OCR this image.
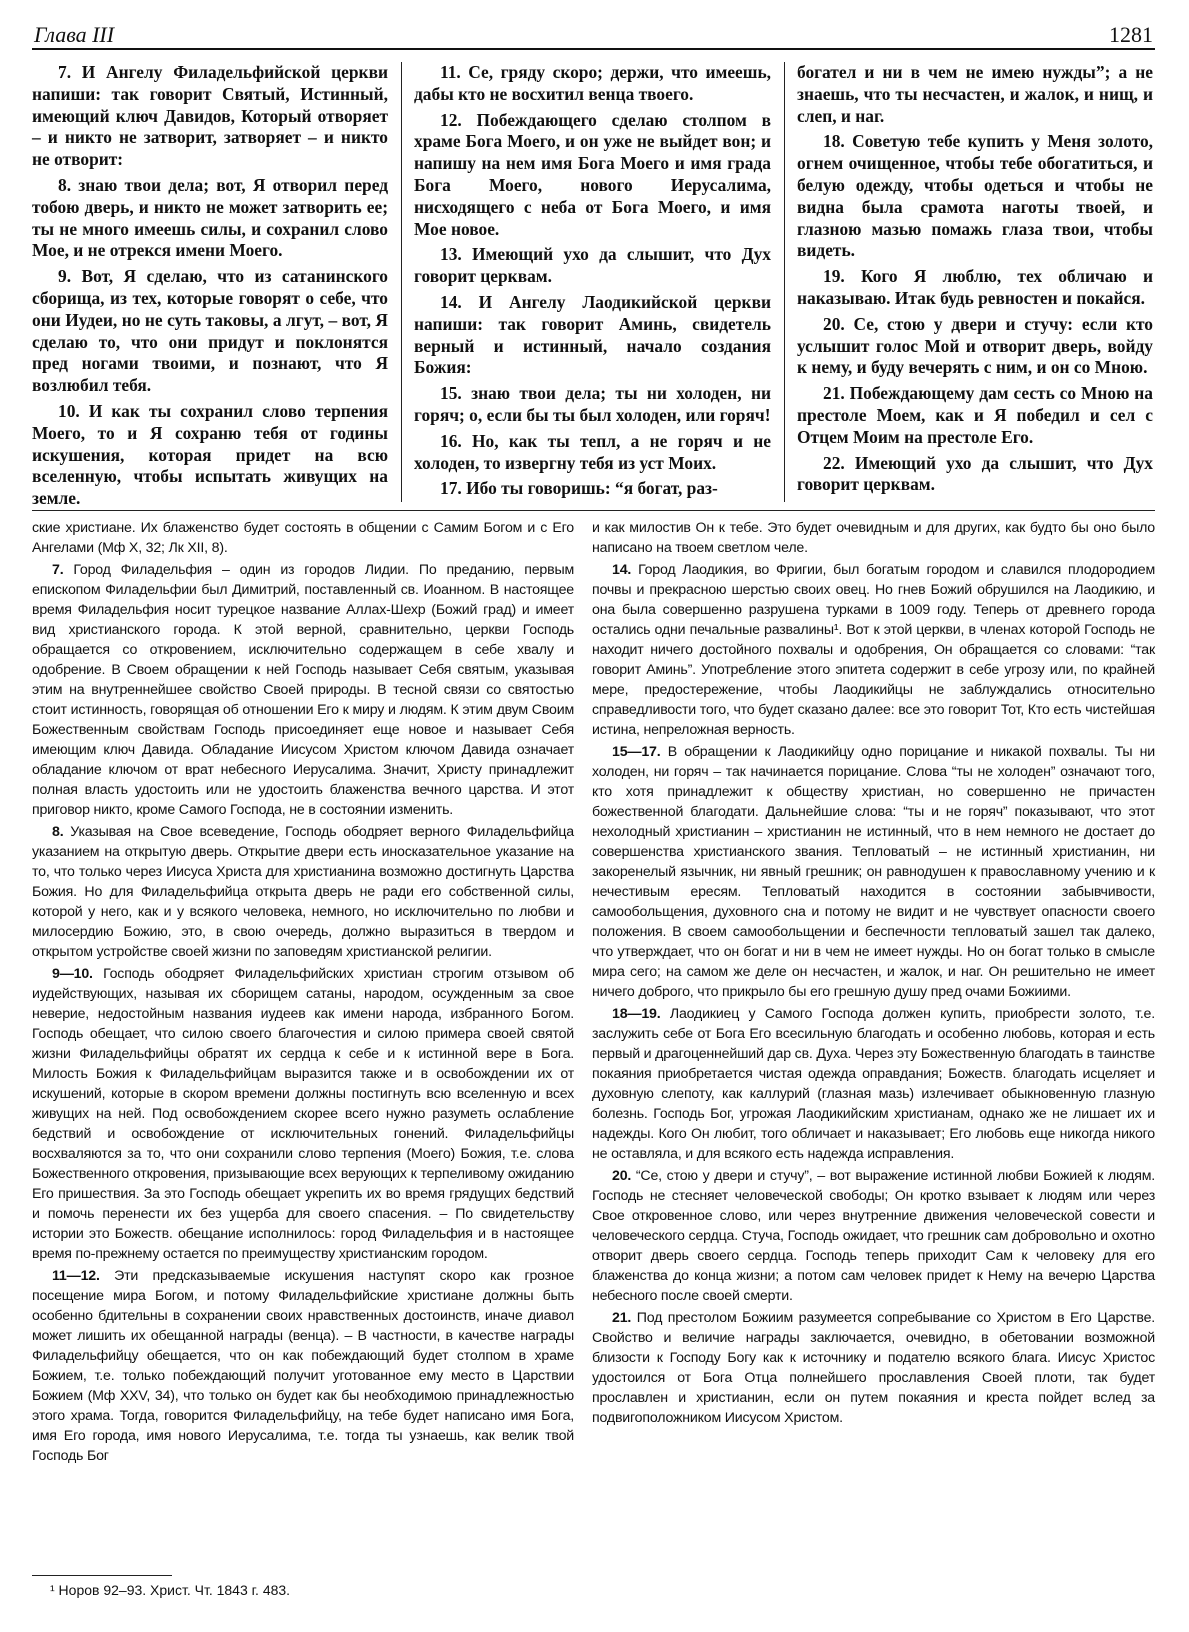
Глава III	1281

7. И Ангелу Филадельфийской церкви напиши: так говорит Святый, Истинный, имеющий ключ Давидов, Который отворяет – и никто не затворит, затворяет – и никто не отворит:

8. знаю твои дела; вот, Я отворил перед тобою дверь, и никто не может затворить ее; ты не много имеешь силы, и сохранил слово Мое, и не отрекся имени Моего.

9. Вот, Я сделаю, что из сатанинского сборища, из тех, которые говорят о себе, что они Иудеи, но не суть таковы, а лгут, – вот, Я сделаю то, что они придут и поклонятся пред ногами твоими, и познают, что Я возлюбил тебя.

10. И как ты сохранил слово терпения Моего, то и Я сохраню тебя от годины искушения, которая придет на всю вселенную, чтобы испытать живущих на земле.

11. Се, гряду скоро; держи, что имеешь, дабы кто не восхитил венца твоего.

12. Побеждающего сделаю столпом в храме Бога Моего, и он уже не выйдет вон; и напишу на нем имя Бога Моего и имя града Бога Моего, нового Иерусалима, нисходящего с неба от Бога Моего, и имя Мое новое.

13. Имеющий ухо да слышит, что Дух говорит церквам.

14. И Ангелу Лаодикийской церкви напиши: так говорит Аминь, свидетель верный и истинный, начало создания Божия:

15. знаю твои дела; ты ни холоден, ни горяч; о, если бы ты был холоден, или горяч!

16. Но, как ты тепл, а не горяч и не холоден, то извергну тебя из уст Моих.

17. Ибо ты говоришь: “я богат, раз-

богател и ни в чем не имею нужды”; а не знаешь, что ты несчастен, и жалок, и нищ, и слеп, и наг.

18. Советую тебе купить у Меня золото, огнем очищенное, чтобы тебе обогатиться, и белую одежду, чтобы одеться и чтобы не видна была срамота наготы твоей, и глазною мазью помажь глаза твои, чтобы видеть.

19. Кого Я люблю, тех обличаю и наказываю. Итак будь ревностен и покайся.

20. Се, стою у двери и стучу: если кто услышит голос Мой и отворит дверь, войду к нему, и буду вечерять с ним, и он со Мною.

21. Побеждающему дам сесть со Мною на престоле Моем, как и Я победил и сел с Отцем Моим на престоле Его.

22. Имеющий ухо да слышит, что Дух говорит церквам.

ские христиане. Их блаженство будет состоять в общении с Самим Богом и с Его Ангелами (Мф X, 32; Лк XII, 8).

7. Город Филадельфия – один из городов Лидии. По преданию, первым епископом Филадельфии был Димитрий, поставленный св. Иоанном. В настоящее время Филадельфия носит турецкое название Аллах-Шехр (Божий град) и имеет вид христианского города. К этой верной, сравнительно, церкви Господь обращается со откровением, исключительно содержащем в себе хвалу и одобрение. В Своем обращении к ней Господь называет Себя святым, указывая этим на внутреннейшее свойство Своей природы. В тесной связи со святостью стоит истинность, говорящая об отношении Его к миру и людям. К этим двум Своим Божественным свойствам Господь присоединяет еще новое и называет Себя имеющим ключ Давида. Обладание Иисусом Христом ключом Давида означает обладание ключом от врат небесного Иерусалима. Значит, Христу принадлежит полная власть удостоить или не удостоить блаженства вечного царства. И этот приговор никто, кроме Самого Господа, не в состоянии изменить.

8. Указывая на Свое всеведение, Господь ободряет верного Филадельфийца указанием на открытую дверь. Открытие двери есть иносказательное указание на то, что только через Иисуса Христа для христианина возможно достигнуть Царства Божия. Но для Филадельфийца открыта дверь не ради его собственной силы, которой у него, как и у всякого человека, немного, но исключительно по любви и милосердию Божию, это, в свою очередь, должно выразиться в твердом и открытом устройстве своей жизни по заповедям христианской религии.

9—10. Господь ободряет Филадельфийских христиан строгим отзывом об иудействующих, называя их сборищем сатаны, народом, осужденным за свое неверие, недостойным названия иудеев как имени народа, избранного Богом. Господь обещает, что силою своего благочестия и силою примера своей святой жизни Филадельфийцы обратят их сердца к себе и к истинной вере в Бога. Милость Божия к Филадельфийцам выразится также и в освобождении их от искушений, которые в скором времени должны постигнуть всю вселенную и всех живущих на ней. Под освобождением скорее всего нужно разуметь ослабление бедствий и освобождение от исключительных гонений. Филадельфийцы восхваляются за то, что они сохранили слово терпения (Моего) Божия, т.е. слова Божественного откровения, призывающие всех верующих к терпеливому ожиданию Его пришествия. За это Господь обещает укрепить их во время грядущих бедствий и помочь перенести их без ущерба для своего спасения. – По свидетельству истории это Божеств. обещание исполнилось: город Филадельфия и в настоящее время по-прежнему остается по преимуществу христианским городом.

11—12. Эти предсказываемые искушения наступят скоро как грозное посещение мира Богом, и потому Филадельфийские христиане должны быть особенно бдительны в сохранении своих нравственных достоинств, иначе диавол может лишить их обещанной награды (венца). – В частности, в качестве награды Филадельфийцу обещается, что он как побеждающий будет столпом в храме Божием, т.е. только побеждающий получит уготованное ему место в Царствии Божием (Мф XXV, 34), что только он будет как бы необходимою принадлежностью этого храма. Тогда, говорится Филадельфийцу, на тебе будет написано имя Бога, имя Его города, имя нового Иерусалима, т.е. тогда ты узнаешь, как велик твой Господь Бог

и как милостив Он к тебе. Это будет очевидным и для других, как будто бы оно было написано на твоем светлом челе.

14. Город Лаодикия, во Фригии, был богатым городом и славился плодородием почвы и прекрасною шерстью своих овец. Но гнев Божий обрушился на Лаодикию, и она была совершенно разрушена турками в 1009 году. Теперь от древнего города остались одни печальные развалины¹. Вот к этой церкви, в членах которой Господь не находит ничего достойного похвалы и одобрения, Он обращается со словами: “так говорит Аминь”. Употребление этого эпитета содержит в себе угрозу или, по крайней мере, предостережение, чтобы Лаодикийцы не заблуждались относительно справедливости того, что будет сказано далее: все это говорит Тот, Кто есть чистейшая истина, непреложная верность.

15—17. В обращении к Лаодикийцу одно порицание и никакой похвалы. Ты ни холоден, ни горяч – так начинается порицание. Слова “ты не холоден” означают того, кто хотя принадлежит к обществу христиан, но совершенно не причастен божественной благодати. Дальнейшие слова: “ты и не горяч” показывают, что этот нехолодный христианин – христианин не истинный, что в нем немного не достает до совершенства христианского звания. Тепловатый – не истинный христианин, ни закоренелый язычник, ни явный грешник; он равнодушен к православному учению и к нечестивым ересям. Тепловатый находится в состоянии забывчивости, самообольщения, духовного сна и потому не видит и не чувствует опасности своего положения. В своем самообольщении и беспечности тепловатый зашел так далеко, что утверждает, что он богат и ни в чем не имеет нужды. Но он богат только в смысле мира сего; на самом же деле он несчастен, и жалок, и наг. Он решительно не имеет ничего доброго, что прикрыло бы его грешную душу пред очами Божиими.

18—19. Лаодикиец у Самого Господа должен купить, приобрести золото, т.е. заслужить себе от Бога Его всесильную благодать и особенно любовь, которая и есть первый и драгоценнейший дар св. Духа. Через эту Божественную благодать в таинстве покаяния приобретается чистая одежда оправдания; Божеств. благодать исцеляет и духовную слепоту, как каллурий (глазная мазь) излечивает обыкновенную глазную болезнь. Господь Бог, угрожая Лаодикийским христианам, однако же не лишает их и надежды. Кого Он любит, того обличает и наказывает; Его любовь еще никогда никого не оставляла, и для всякого есть надежда исправления.

20. “Се, стою у двери и стучу”, – вот выражение истинной любви Божией к людям. Господь не стесняет человеческой свободы; Он кротко взывает к людям или через Свое откровенное слово, или через внутренние движения человеческой совести и человеческого сердца. Стуча, Господь ожидает, что грешник сам добровольно и охотно отворит дверь своего сердца. Господь теперь приходит Сам к человеку для его блаженства до конца жизни; а потом сам человек придет к Нему на вечерю Царства небесного после своей смерти.

21. Под престолом Божиим разумеется сопребывание со Христом в Его Царстве. Свойство и величие награды заключается, очевидно, в обетовании возможной близости к Господу Богу как к источнику и подателю всякого блага. Иисус Христос удостоился от Бога Отца полнейшего прославления Своей плоти, так будет прославлен и христианин, если он путем покаяния и креста пойдет вслед за подвигоположником Иисусом Христом.

¹ Норов 92–93. Христ. Чт. 1843 г. 483.
